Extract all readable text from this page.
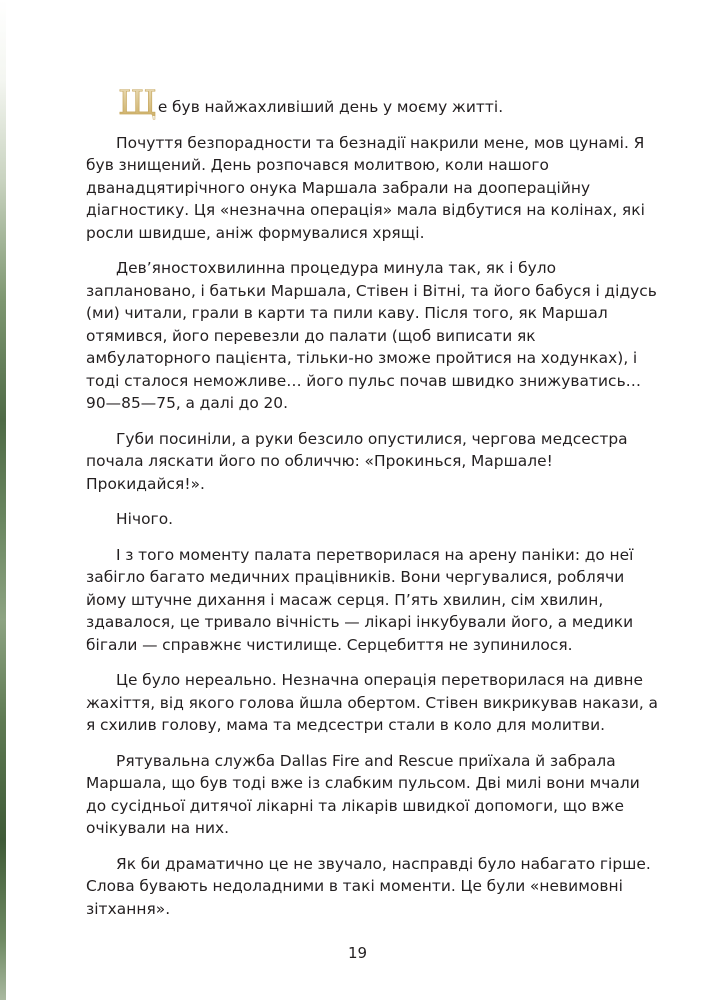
Ще був найжахливіший день у моєму житті.

Почуття безпорадности та безнадії накрили мене, мов цунамі. Я був знищений. День розпочався молитвою, коли нашого дванадцятирічного онука Маршала забрали на доопераційну діагностику. Ця «незначна операція» мала відбутися на колінах, які росли швидше, аніж формувалися хрящі.

Дев’яностохвилинна процедура минула так, як і було заплановано, і батьки Маршала, Стівен і Вітні, та його бабуся і дідусь (ми) читали, грали в карти та пили каву. Після того, як Маршал отямився, його перевезли до палати (щоб виписати як амбулаторного пацієнта, тільки-но зможе пройтися на ходунках), і тоді сталося неможливе… його пульс почав швидко знижуватись… 90—85—75, а далі до 20.

Губи посиніли, а руки безсило опустилися, чергова медсестра почала ляскати його по обличчю: «Прокинься, Маршале! Прокидайся!».

Нічого.

І з того моменту палата перетворилася на арену паніки: до неї забігло багато медичних працівників. Вони чергувалися, роблячи йому штучне дихання і масаж серця. П’ять хвилин, сім хвилин, здавалося, це тривало вічність — лікарі інкубували його, а медики бігали — справжнє чистилище. Серцебиття не зупинилося.

Це було нереально. Незначна операція перетворилася на дивне жахіття, від якого голова йшла обертом. Стівен викрикував накази, а я схилив голову, мама та медсестри стали в коло для молитви.

Рятувальна служба Dallas Fire and Rescue приїхала й забрала Маршала, що був тоді вже із слабким пульсом. Дві милі вони мчали до сусідньої дитячої лікарні та лікарів швидкої допомоги, що вже очікували на них.

Як би драматично це не звучало, насправді було набагато гірше. Слова бувають недоладними в такі моменти. Це були «невимовні зітхання».

19
